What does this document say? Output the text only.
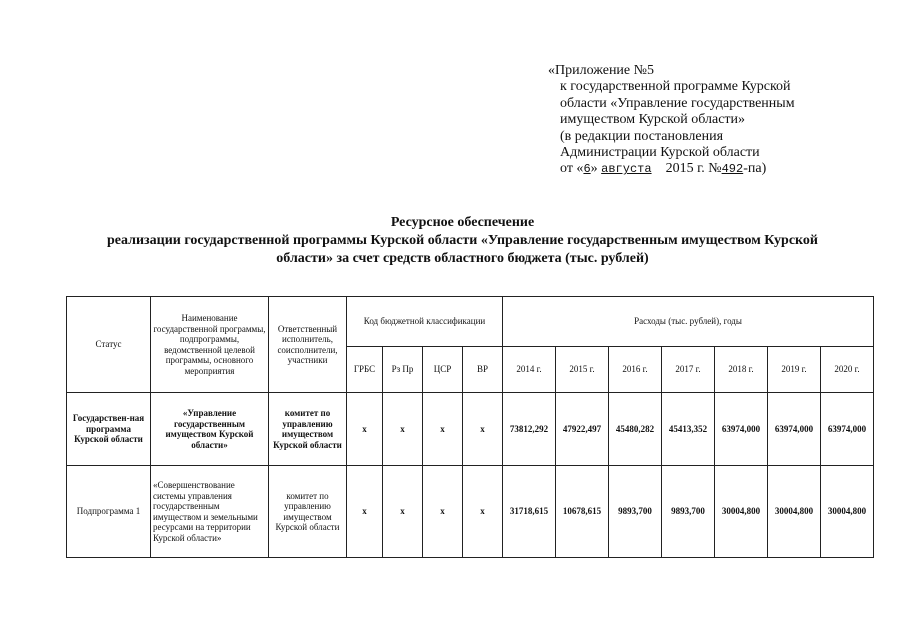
«Приложение №5
к государственной программе Курской
области «Управление государственным
имуществом Курской области»
(в редакции постановления
Администрации Курской области
от «6» августа 2015 г. №492-па)
Ресурсное обеспечение
реализации государственной программы Курской области «Управление государственным имуществом Курской
области» за счет средств областного бюджета (тыс. рублей)
Статус	Наименование государственной программы, подпрограммы, ведомственной целевой программы, основного мероприятия	Ответственный исполнитель, соисполнители, участники	Код бюджетной классификации				Расходы (тыс. рублей), годы						
			ГРБС	Рз Пр	ЦСР	ВР	2014 г.	2015 г.	2016 г.	2017 г.	2018 г.	2019 г.	2020 г.
Государствен-ная программа Курской области	«Управление государственным имуществом Курской области»	комитет по управлению имуществом Курской области	х	х	х	х	73812,292	47922,497	45480,282	45413,352	63974,000	63974,000	63974,000
Подпрограмма 1	«Совершенствование системы управления государственным имуществом и земельными ресурсами на территории Курской области»	комитет по управлению имуществом Курской области	х	х	х	х	31718,615	10678,615	9893,700	9893,700	30004,800	30004,800	30004,800
